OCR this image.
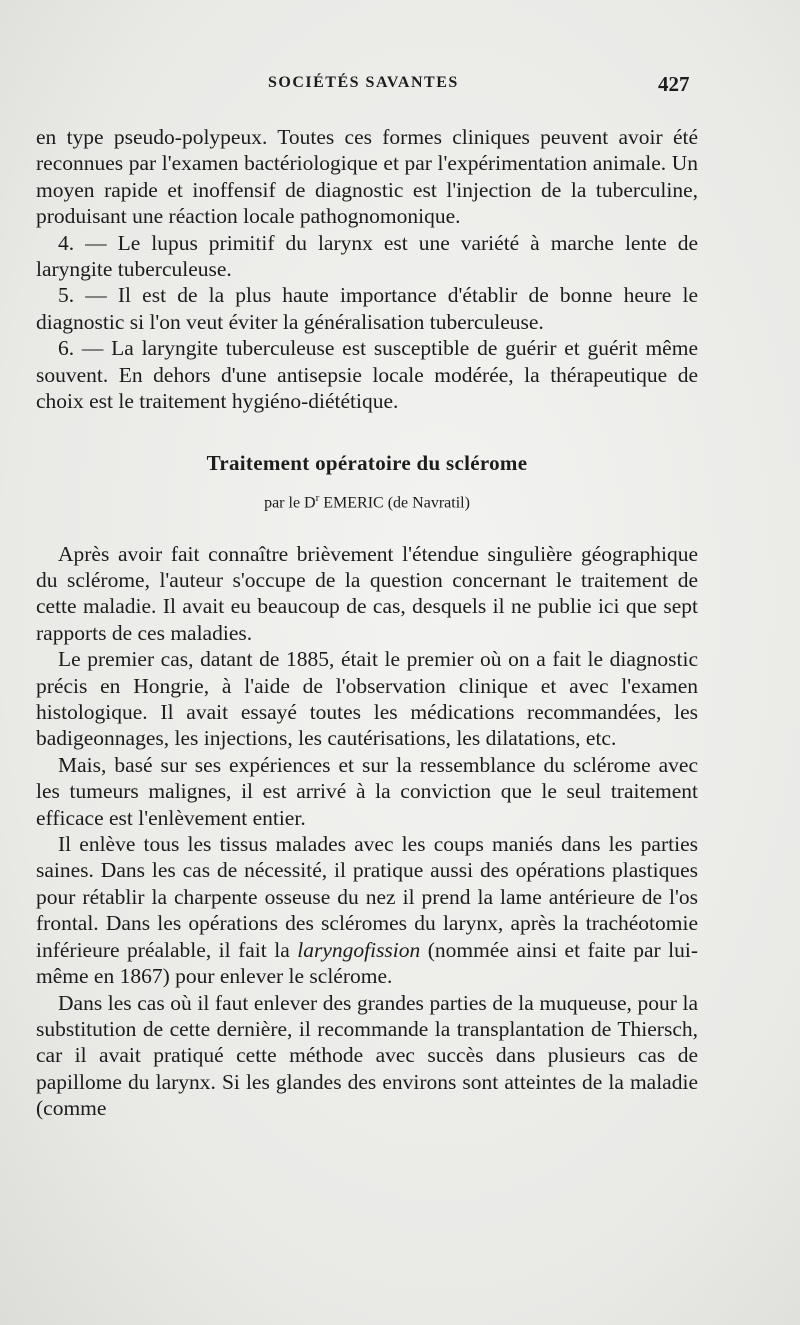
SOCIÉTÉS SAVANTES	427

en type pseudo-polypeux. Toutes ces formes cliniques peuvent avoir été reconnues par l'examen bactériologique et par l'expérimentation animale. Un moyen rapide et inoffensif de diagnostic est l'injection de la tuberculine, produisant une réaction locale pathognomonique.

4. — Le lupus primitif du larynx est une variété à marche lente de laryngite tuberculeuse.

5. — Il est de la plus haute importance d'établir de bonne heure le diagnostic si l'on veut éviter la généralisation tuberculeuse.

6. — La laryngite tuberculeuse est susceptible de guérir et guérit même souvent. En dehors d'une antisepsie locale modérée, la thérapeutique de choix est le traitement hygiéno-diététique.

Traitement opératoire du sclérome

par le $D^r$ EMERIC (de Navratil)

Après avoir fait connaître brièvement l'étendue singulière géographique du sclérome, l'auteur s'occupe de la question concernant le traitement de cette maladie. Il avait eu beaucoup de cas, desquels il ne publie ici que sept rapports de ces maladies.

Le premier cas, datant de 1885, était le premier où on a fait le diagnostic précis en Hongrie, à l'aide de l'observation clinique et avec l'examen histologique. Il avait essayé toutes les médications recommandées, les badigeonnages, les injections, les cautérisations, les dilatations, etc.

Mais, basé sur ses expériences et sur la ressemblance du sclérome avec les tumeurs malignes, il est arrivé à la conviction que le seul traitement efficace est l'enlèvement entier.

Il enlève tous les tissus malades avec les coups maniés dans les parties saines. Dans les cas de nécessité, il pratique aussi des opérations plastiques pour rétablir la charpente osseuse du nez il prend la lame antérieure de l'os frontal. Dans les opérations des scléromes du larynx, après la trachéotomie inférieure préalable, il fait la laryngofission (nommée ainsi et faite par lui-même en 1867) pour enlever le sclérome.

Dans les cas où il faut enlever des grandes parties de la muqueuse, pour la substitution de cette dernière, il recommande la transplantation de Thiersch, car il avait pratiqué cette méthode avec succès dans plusieurs cas de papillome du larynx. Si les glandes des environs sont atteintes de la maladie (comme
